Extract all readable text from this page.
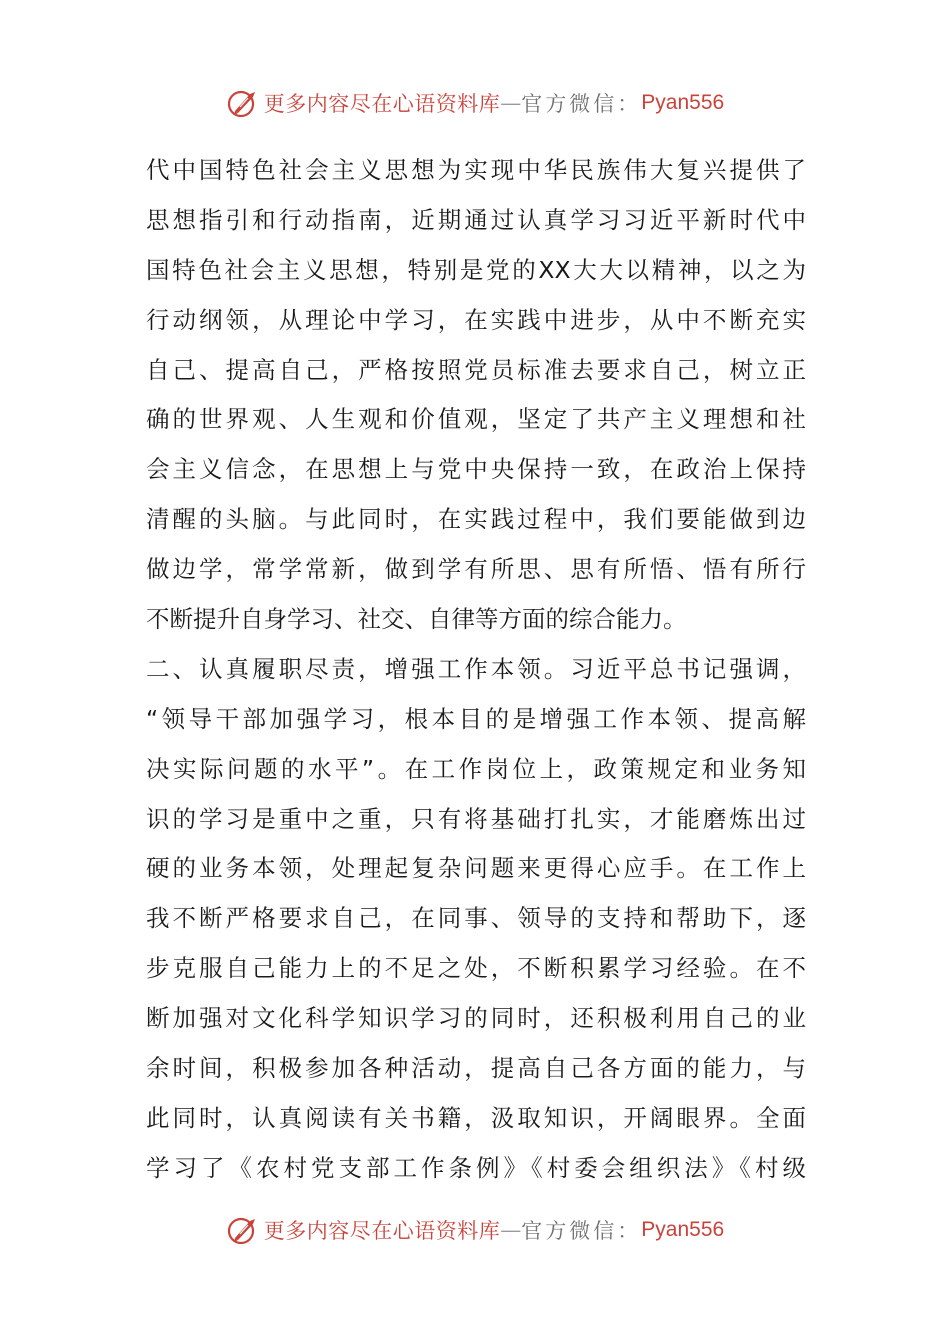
更多内容尽在心语资料库 — 官方微信： Pyan556
代中国特色社会主义思想为实现中华民族伟大复兴提供了
思想指引和行动指南，近期通过认真学习习近平新时代中
国特色社会主义思想，特别是党的XX大大以精神，以之为
行动纲领，从理论中学习，在实践中进步，从中不断充实
自己、提高自己，严格按照党员标准去要求自己，树立正
确的世界观、人生观和价值观，坚定了共产主义理想和社
会主义信念，在思想上与党中央保持一致，在政治上保持
清醒的头脑。与此同时，在实践过程中，我们要能做到边
做边学，常学常新，做到学有所思、思有所悟、悟有所行
不断提升自身学习、社交、自律等方面的综合能力。
二、认真履职尽责，增强工作本领。习近平总书记强调，
“领导干部加强学习，根本目的是增强工作本领、提高解
决实际问题的水平”。在工作岗位上，政策规定和业务知
识的学习是重中之重，只有将基础打扎实，才能磨炼出过
硬的业务本领，处理起复杂问题来更得心应手。在工作上
我不断严格要求自己，在同事、领导的支持和帮助下，逐
步克服自己能力上的不足之处，不断积累学习经验。在不
断加强对文化科学知识学习的同时，还积极利用自己的业
余时间，积极参加各种活动，提高自己各方面的能力，与
此同时，认真阅读有关书籍，汲取知识，开阔眼界。全面
学习了《农村党支部工作条例》《村委会组织法》《村级
更多内容尽在心语资料库 — 官方微信： Pyan556
